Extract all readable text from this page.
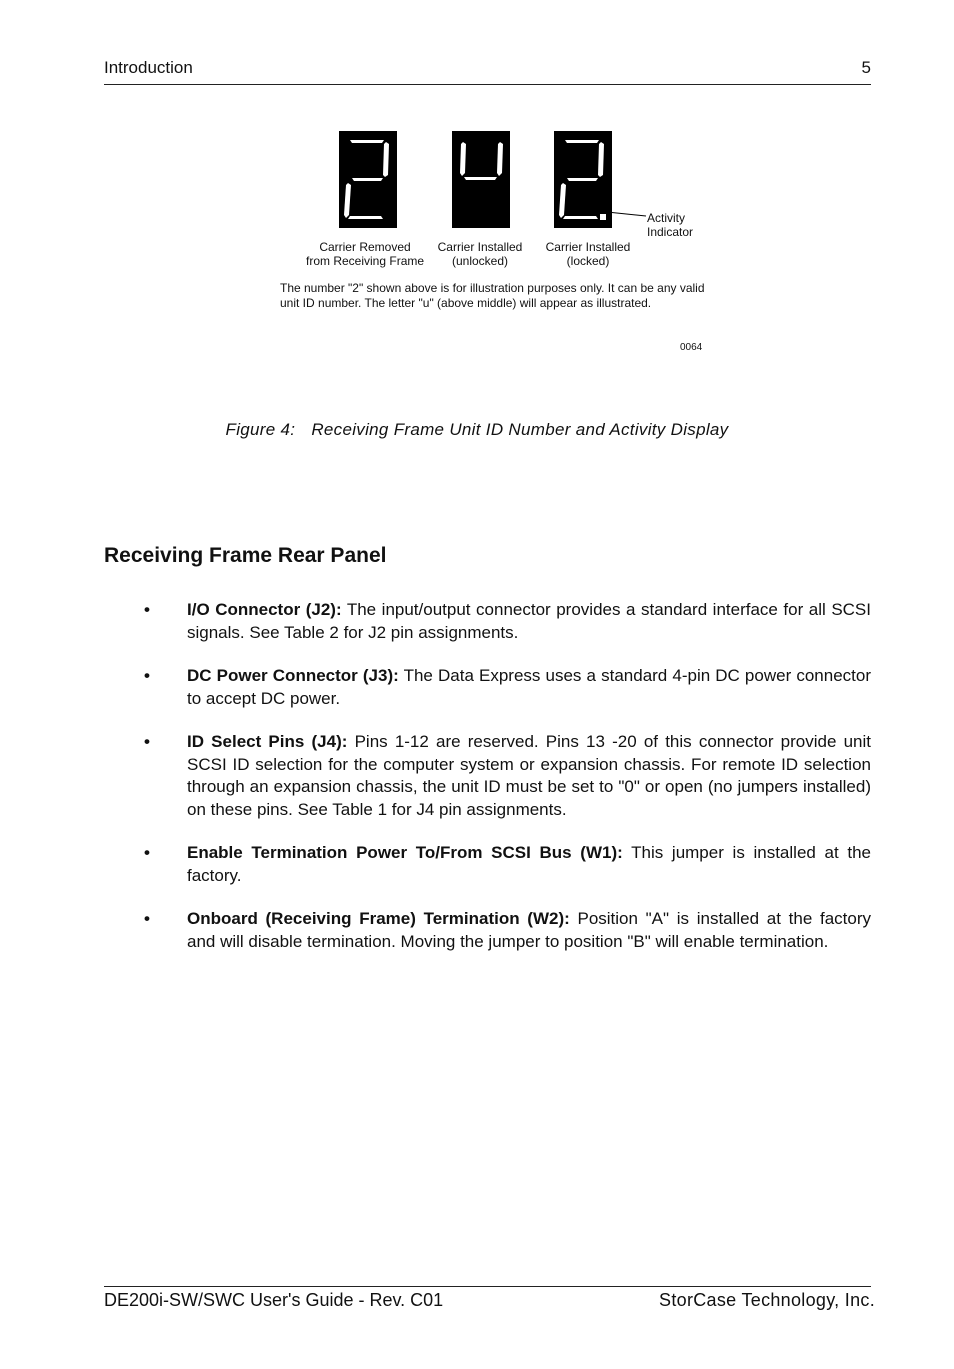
Introduction	5
Activity
Indicator
Carrier Removed
from Receiving Frame
Carrier Installed
(unlocked)
Carrier Installed
(locked)
The number "2" shown above is for illustration purposes only. It can be any valid
unit ID number. The letter "u" (above middle) will appear as illustrated.
0064
Figure 4: Receiving Frame Unit ID Number and Activity Display
Receiving Frame Rear Panel
• I/O Connector (J2): The input/output connector provides a standard interface for all SCSI signals. See Table 2 for J2 pin assignments.
• DC Power Connector (J3): The Data Express uses a standard 4-pin DC power connector to accept DC power.
• ID Select Pins (J4): Pins 1-12 are reserved. Pins 13 -20 of this connector provide unit SCSI ID selection for the computer system or expansion chassis. For remote ID selection through an expansion chassis, the unit ID must be set to "0" or open (no jumpers installed) on these pins. See Table 1 for J4 pin assignments.
• Enable Termination Power To/From SCSI Bus (W1): This jumper is installed at the factory.
• Onboard (Receiving Frame) Termination (W2): Position "A" is installed at the factory and will disable termination. Moving the jumper to position "B" will enable termination.
DE200i-SW/SWC User's Guide - Rev. C01	StorCase Technology, Inc.
